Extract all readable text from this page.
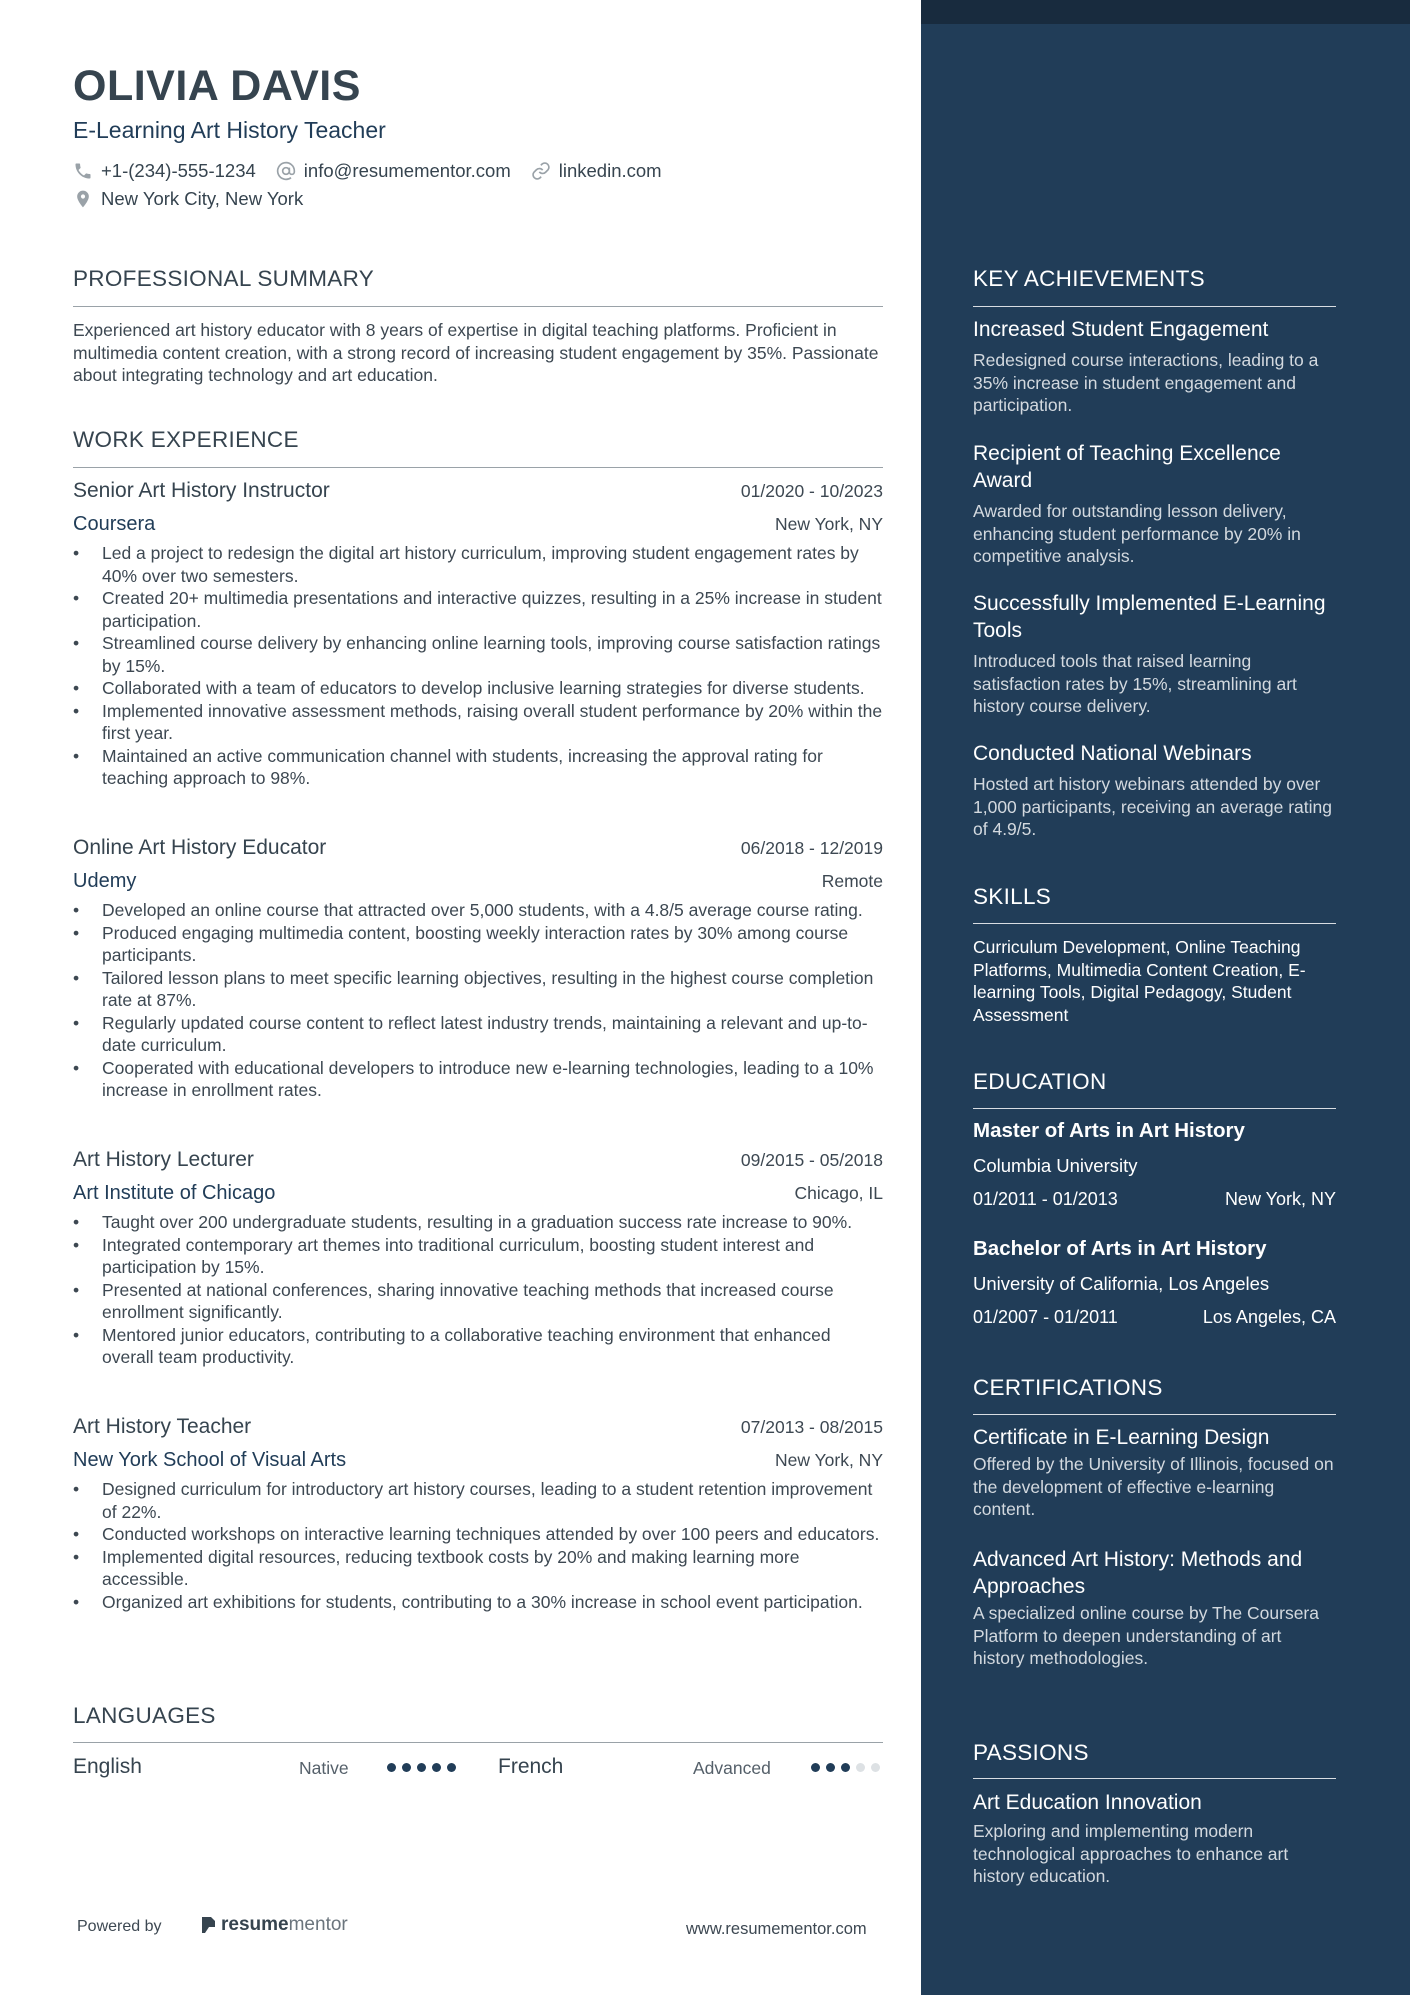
OLIVIA DAVIS
E-Learning Art History Teacher
+1-(234)-555-1234	info@resumementor.com	linkedin.com
New York City, New York
PROFESSIONAL SUMMARY
Experienced art history educator with 8 years of expertise in digital teaching platforms. Proficient in multimedia content creation, with a strong record of increasing student engagement by 35%. Passionate about integrating technology and art education.
WORK EXPERIENCE
Senior Art History Instructor	01/2020 - 10/2023
Coursera	New York, NY
• Led a project to redesign the digital art history curriculum, improving student engagement rates by 40% over two semesters.
• Created 20+ multimedia presentations and interactive quizzes, resulting in a 25% increase in student participation.
• Streamlined course delivery by enhancing online learning tools, improving course satisfaction ratings by 15%.
• Collaborated with a team of educators to develop inclusive learning strategies for diverse students.
• Implemented innovative assessment methods, raising overall student performance by 20% within the first year.
• Maintained an active communication channel with students, increasing the approval rating for teaching approach to 98%.
Online Art History Educator	06/2018 - 12/2019
Udemy	Remote
• Developed an online course that attracted over 5,000 students, with a 4.8/5 average course rating.
• Produced engaging multimedia content, boosting weekly interaction rates by 30% among course participants.
• Tailored lesson plans to meet specific learning objectives, resulting in the highest course completion rate at 87%.
• Regularly updated course content to reflect latest industry trends, maintaining a relevant and up-to-date curriculum.
• Cooperated with educational developers to introduce new e-learning technologies, leading to a 10% increase in enrollment rates.
Art History Lecturer	09/2015 - 05/2018
Art Institute of Chicago	Chicago, IL
• Taught over 200 undergraduate students, resulting in a graduation success rate increase to 90%.
• Integrated contemporary art themes into traditional curriculum, boosting student interest and participation by 15%.
• Presented at national conferences, sharing innovative teaching methods that increased course enrollment significantly.
• Mentored junior educators, contributing to a collaborative teaching environment that enhanced overall team productivity.
Art History Teacher	07/2013 - 08/2015
New York School of Visual Arts	New York, NY
• Designed curriculum for introductory art history courses, leading to a student retention improvement of 22%.
• Conducted workshops on interactive learning techniques attended by over 100 peers and educators.
• Implemented digital resources, reducing textbook costs by 20% and making learning more accessible.
• Organized art exhibitions for students, contributing to a 30% increase in school event participation.
LANGUAGES
English	Native	French	Advanced
Powered by	resume mentor	www.resumementor.com
KEY ACHIEVEMENTS
Increased Student Engagement
Redesigned course interactions, leading to a 35% increase in student engagement and participation.
Recipient of Teaching Excellence Award
Awarded for outstanding lesson delivery, enhancing student performance by 20% in competitive analysis.
Successfully Implemented E-Learning Tools
Introduced tools that raised learning satisfaction rates by 15%, streamlining art history course delivery.
Conducted National Webinars
Hosted art history webinars attended by over 1,000 participants, receiving an average rating of 4.9/5.
SKILLS
Curriculum Development, Online Teaching Platforms, Multimedia Content Creation, E-learning Tools, Digital Pedagogy, Student Assessment
EDUCATION
Master of Arts in Art History
Columbia University
01/2011 - 01/2013	New York, NY
Bachelor of Arts in Art History
University of California, Los Angeles
01/2007 - 01/2011	Los Angeles, CA
CERTIFICATIONS
Certificate in E-Learning Design
Offered by the University of Illinois, focused on the development of effective e-learning content.
Advanced Art History: Methods and Approaches
A specialized online course by The Coursera Platform to deepen understanding of art history methodologies.
PASSIONS
Art Education Innovation
Exploring and implementing modern technological approaches to enhance art history education.
